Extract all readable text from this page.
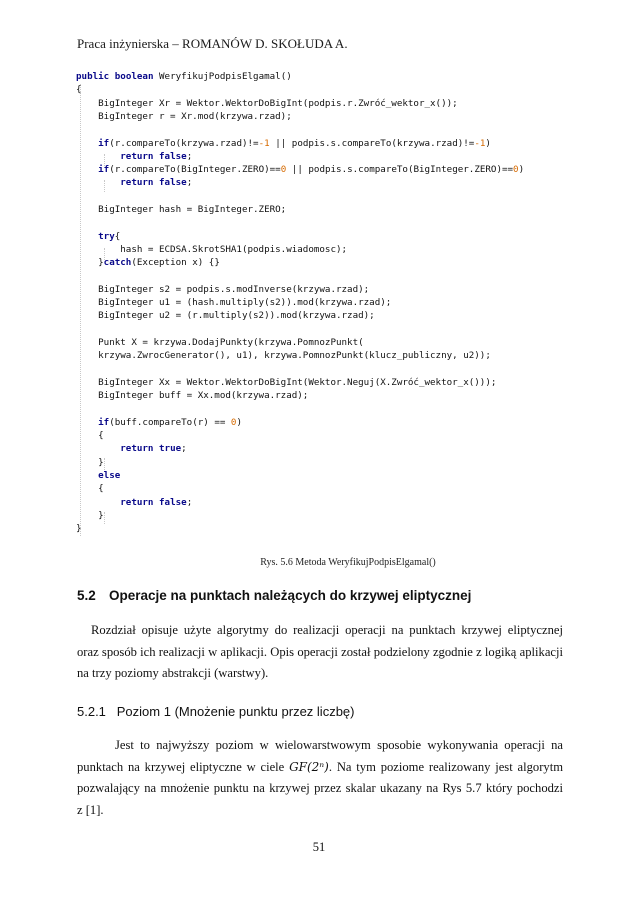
Praca inżynierska – ROMANÓW D. SKOŁUDA A.
public boolean WeryfikujPodpisElgamal()
{
BigInteger Xr = Wektor.WektorDoBigInt(podpis.r.Zwróć_wektor_x());
BigInteger r = Xr.mod(krzywa.rzad);
if(r.compareTo(krzywa.rzad)!=-1 || podpis.s.compareTo(krzywa.rzad)!=-1)
return false;
if(r.compareTo(BigInteger.ZERO)==0 || podpis.s.compareTo(BigInteger.ZERO)==0)
return false;
BigInteger hash = BigInteger.ZERO;
try{
hash = ECDSA.SkrotSHA1(podpis.wiadomosc);
}catch(Exception x) {}
BigInteger s2 = podpis.s.modInverse(krzywa.rzad);
BigInteger u1 = (hash.multiply(s2)).mod(krzywa.rzad);
BigInteger u2 = (r.multiply(s2)).mod(krzywa.rzad);
Punkt X = krzywa.DodajPunkty(krzywa.PomnozPunkt(
krzywa.ZwrocGenerator(), u1), krzywa.PomnozPunkt(klucz_publiczny, u2));
BigInteger Xx = Wektor.WektorDoBigInt(Wektor.Neguj(X.Zwróć_wektor_x()));
BigInteger buff = Xx.mod(krzywa.rzad);
if(buff.compareTo(r) == 0)
{
return true;
}
else
{
return false;
}
}
Rys. 5.6 Metoda WeryfikujPodpisElgamal()
5.2 Operacje na punktach należących do krzywej eliptycznej
Rozdział opisuje użyte algorytmy do realizacji operacji na punktach krzywej eliptycznej
oraz sposób ich realizacji w aplikacji. Opis operacji został podzielony zgodnie z logiką aplikacji
na trzy poziomy abstrakcji (warstwy).
5.2.1 Poziom 1 (Mnożenie punktu przez liczbę)
Jest to najwyższy poziom w wielowarstwowym sposobie wykonywania operacji na
punktach na krzywej eliptyczne w ciele GF(2ⁿ). Na tym poziome realizowany jest algorytm
pozwalający na mnożenie punktu na krzywej przez skalar ukazany na Rys 5.7 który pochodzi
z [1].
51
